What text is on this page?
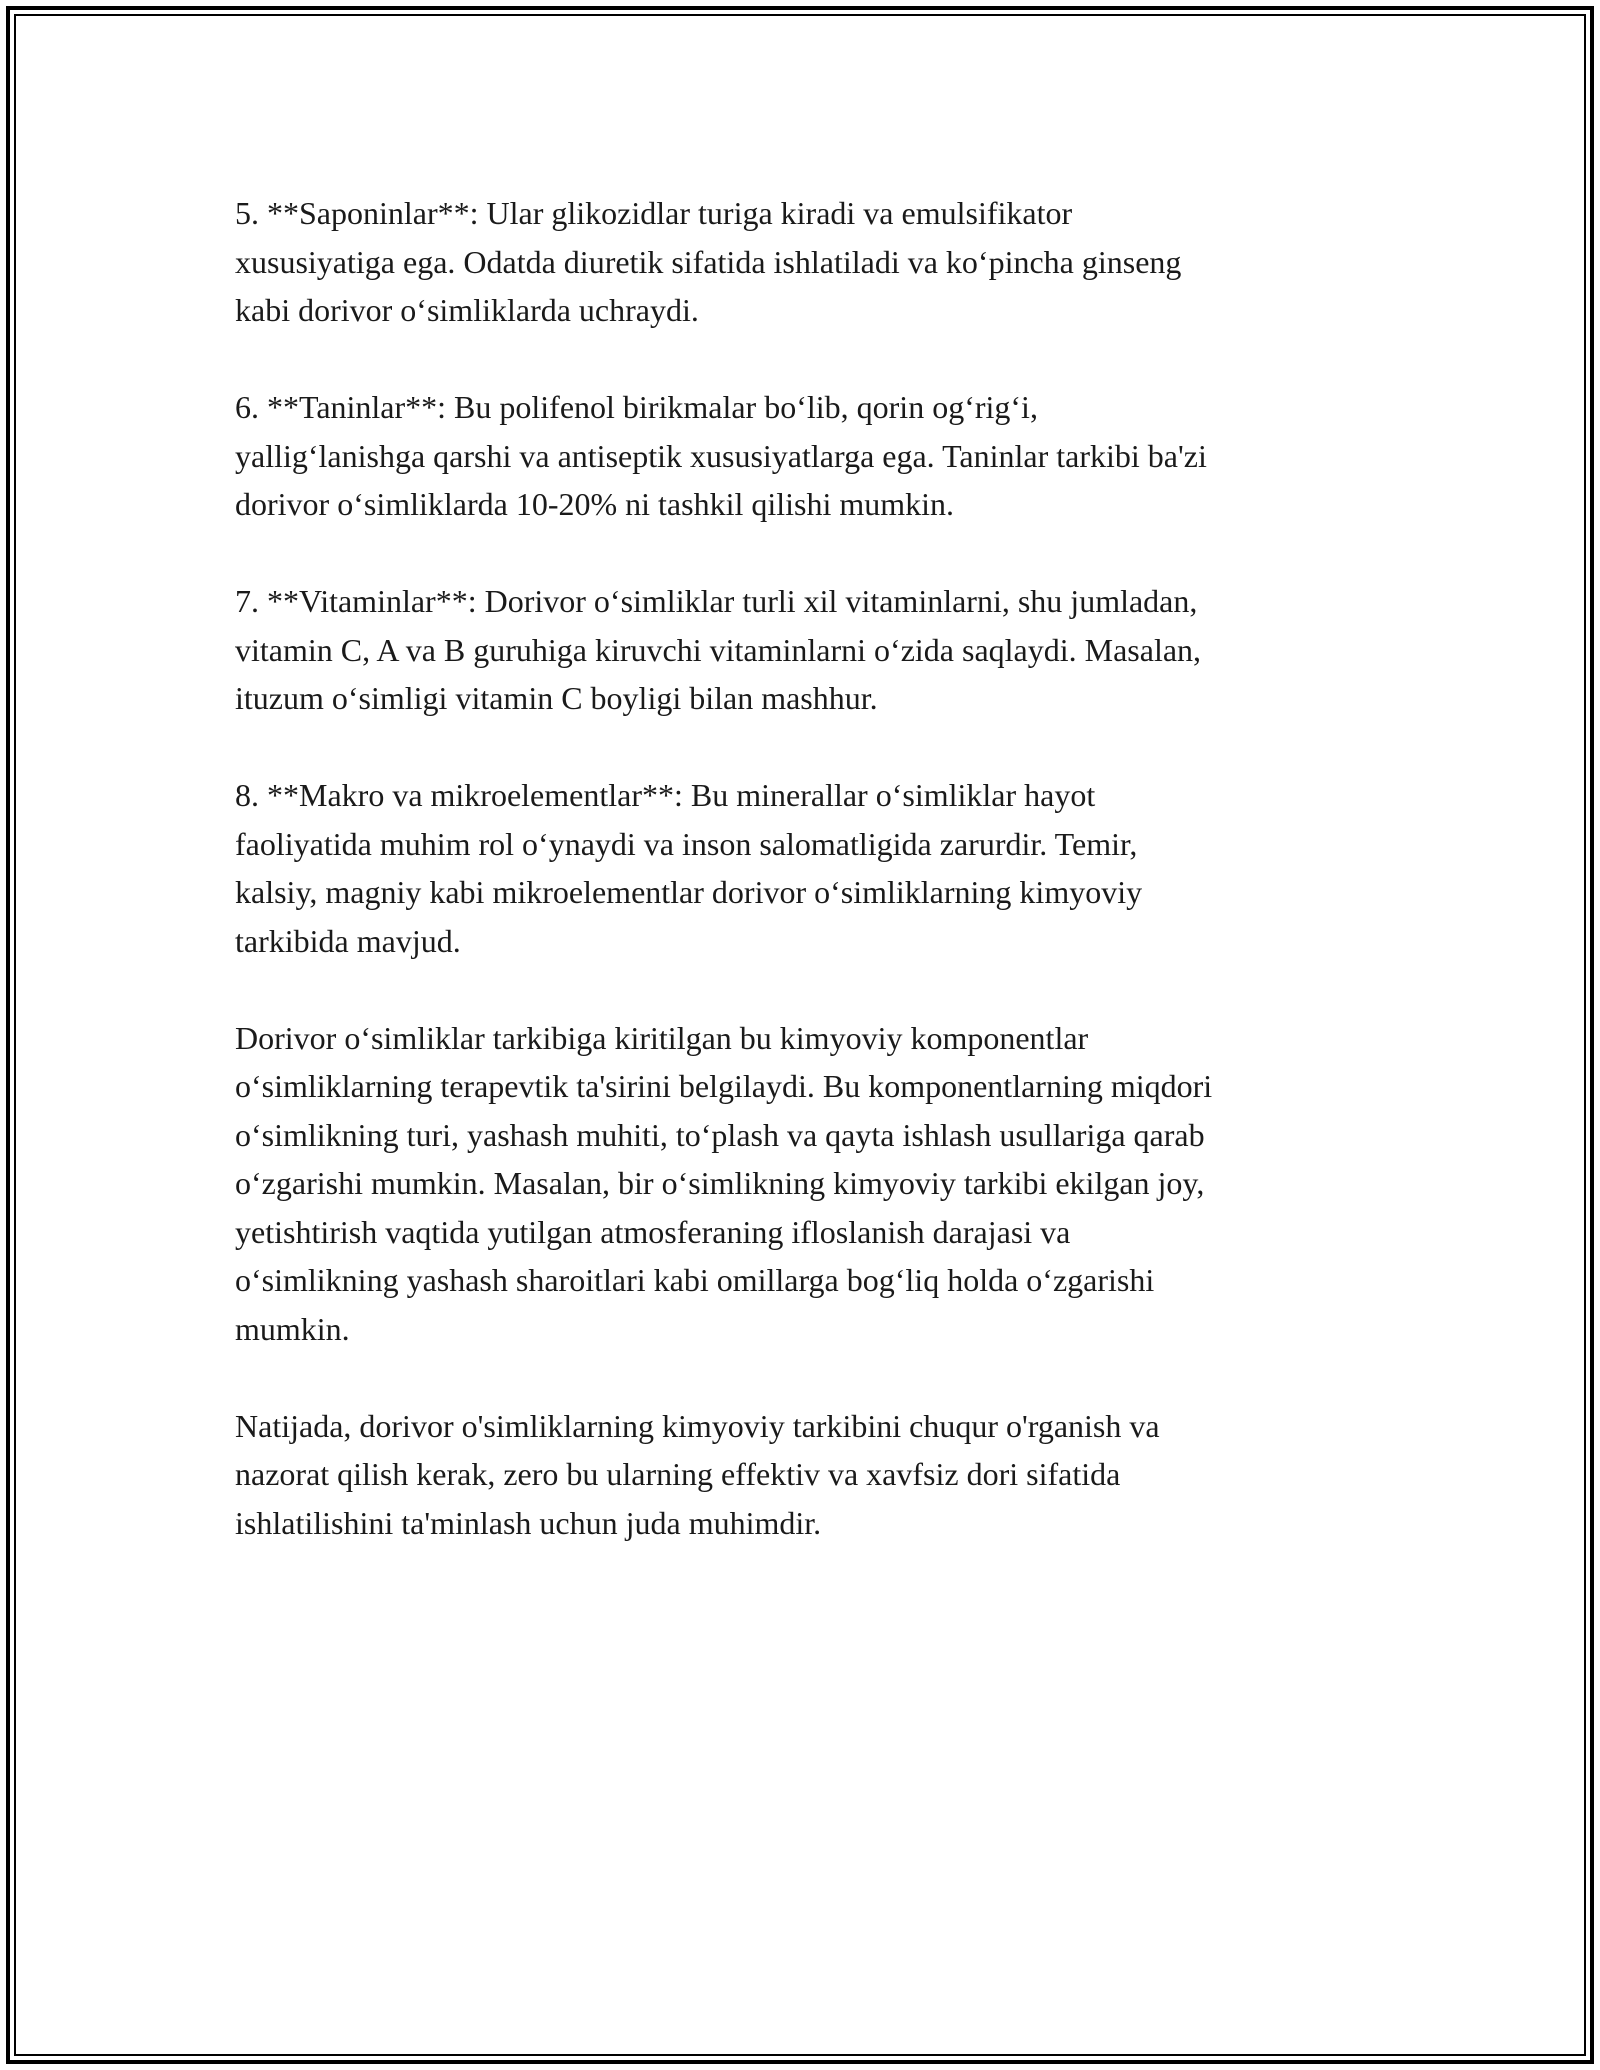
5. **Saponinlar**: Ular glikozidlar turiga kiradi va emulsifikator
xususiyatiga ega. Odatda diuretik sifatida ishlatiladi va ko‘pincha ginseng
kabi dorivor o‘simliklarda uchraydi.

6. **Taninlar**: Bu polifenol birikmalar bo‘lib, qorin og‘rig‘i,
yallig‘lanishga qarshi va antiseptik xususiyatlarga ega. Taninlar tarkibi ba'zi
dorivor o‘simliklarda 10-20% ni tashkil qilishi mumkin.

7. **Vitaminlar**: Dorivor o‘simliklar turli xil vitaminlarni, shu jumladan,
vitamin C, A va B guruhiga kiruvchi vitaminlarni o‘zida saqlaydi. Masalan,
ituzum o‘simligi vitamin C boyligi bilan mashhur.

8. **Makro va mikroelementlar**: Bu minerallar o‘simliklar hayot
faoliyatida muhim rol o‘ynaydi va inson salomatligida zarurdir. Temir,
kalsiy, magniy kabi mikroelementlar dorivor o‘simliklarning kimyoviy
tarkibida mavjud.

Dorivor o‘simliklar tarkibiga kiritilgan bu kimyoviy komponentlar
o‘simliklarning terapevtik ta'sirini belgilaydi. Bu komponentlarning miqdori
o‘simlikning turi, yashash muhiti, to‘plash va qayta ishlash usullariga qarab
o‘zgarishi mumkin. Masalan, bir o‘simlikning kimyoviy tarkibi ekilgan joy,
yetishtirish vaqtida yutilgan atmosferaning ifloslanish darajasi va
o‘simlikning yashash sharoitlari kabi omillarga bog‘liq holda o‘zgarishi
mumkin.

Natijada, dorivor o'simliklarning kimyoviy tarkibini chuqur o'rganish va
nazorat qilish kerak, zero bu ularning effektiv va xavfsiz dori sifatida
ishlatilishini ta'minlash uchun juda muhimdir.
